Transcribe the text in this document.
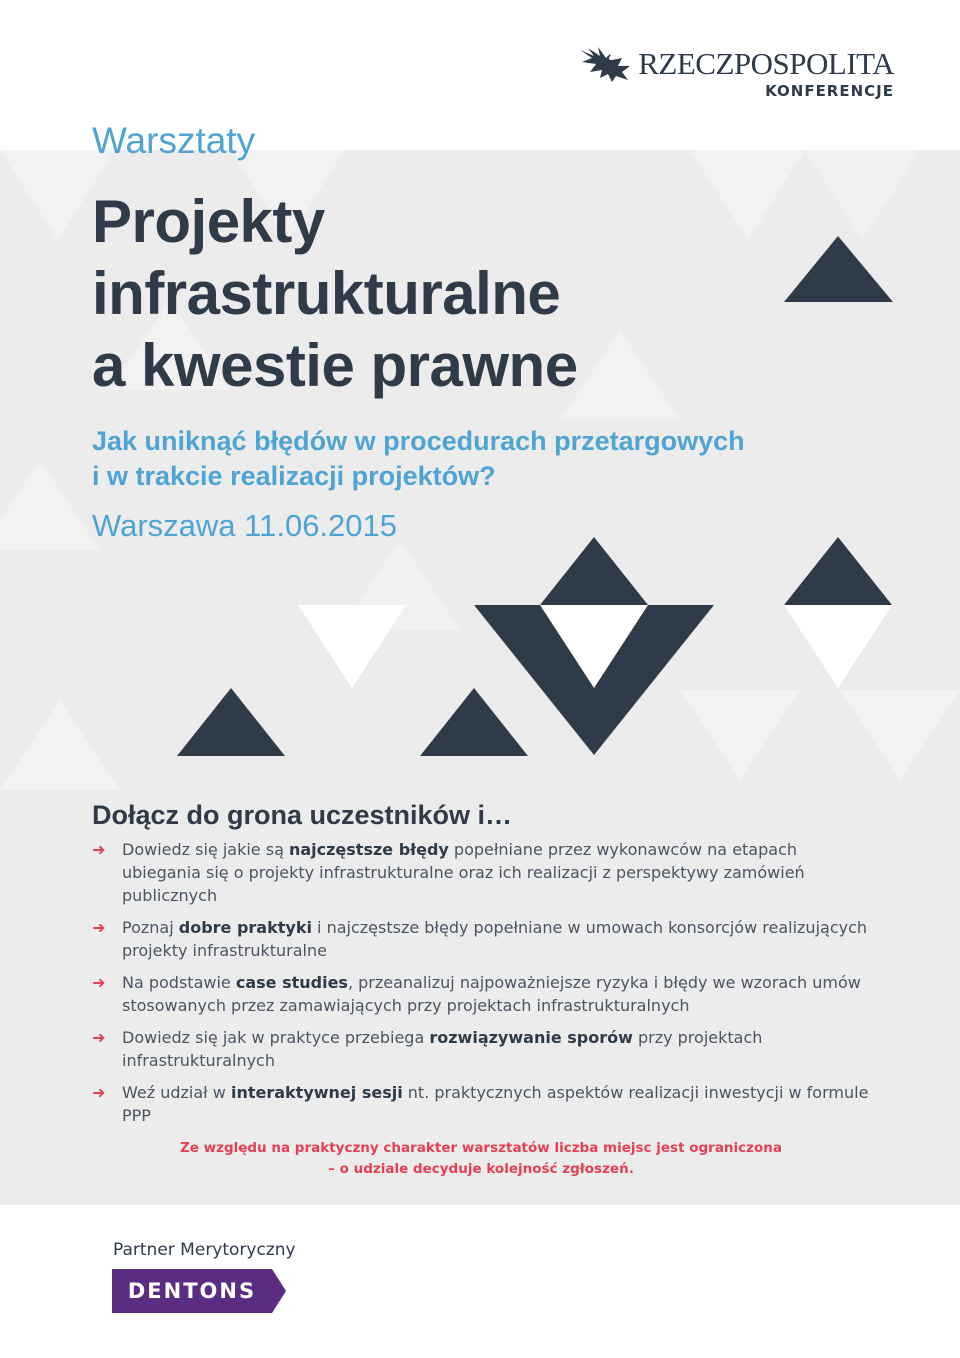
RZECZPOSPOLITA
KONFERENCJE
Warsztaty
Projekty
infrastrukturalne
a kwestie prawne
Jak uniknąć błędów w procedurach przetargowych
i w trakcie realizacji projektów?
Warszawa 11.06.2015
Dołącz do grona uczestników i…
➜ Dowiedz się jakie są najczęstsze błędy popełniane przez wykonawców na etapach ubiegania się o projekty infrastrukturalne oraz ich realizacji z perspektywy zamówień publicznych
➜ Poznaj dobre praktyki i najczęstsze błędy popełniane w umowach konsorcjów realizujących projekty infrastrukturalne
➜ Na podstawie case studies, przeanalizuj najpoważniejsze ryzyka i błędy we wzorach umów stosowanych przez zamawiających przy projektach infrastrukturalnych
➜ Dowiedz się jak w praktyce przebiega rozwiązywanie sporów przy projektach infrastrukturalnych
➜ Weź udział w interaktywnej sesji nt. praktycznych aspektów realizacji inwestycji w formule PPP

Ze względu na praktyczny charakter warsztatów liczba miejsc jest ograniczona
– o udziale decyduje kolejność zgłoszeń.

Partner Merytoryczny
DENTONS
